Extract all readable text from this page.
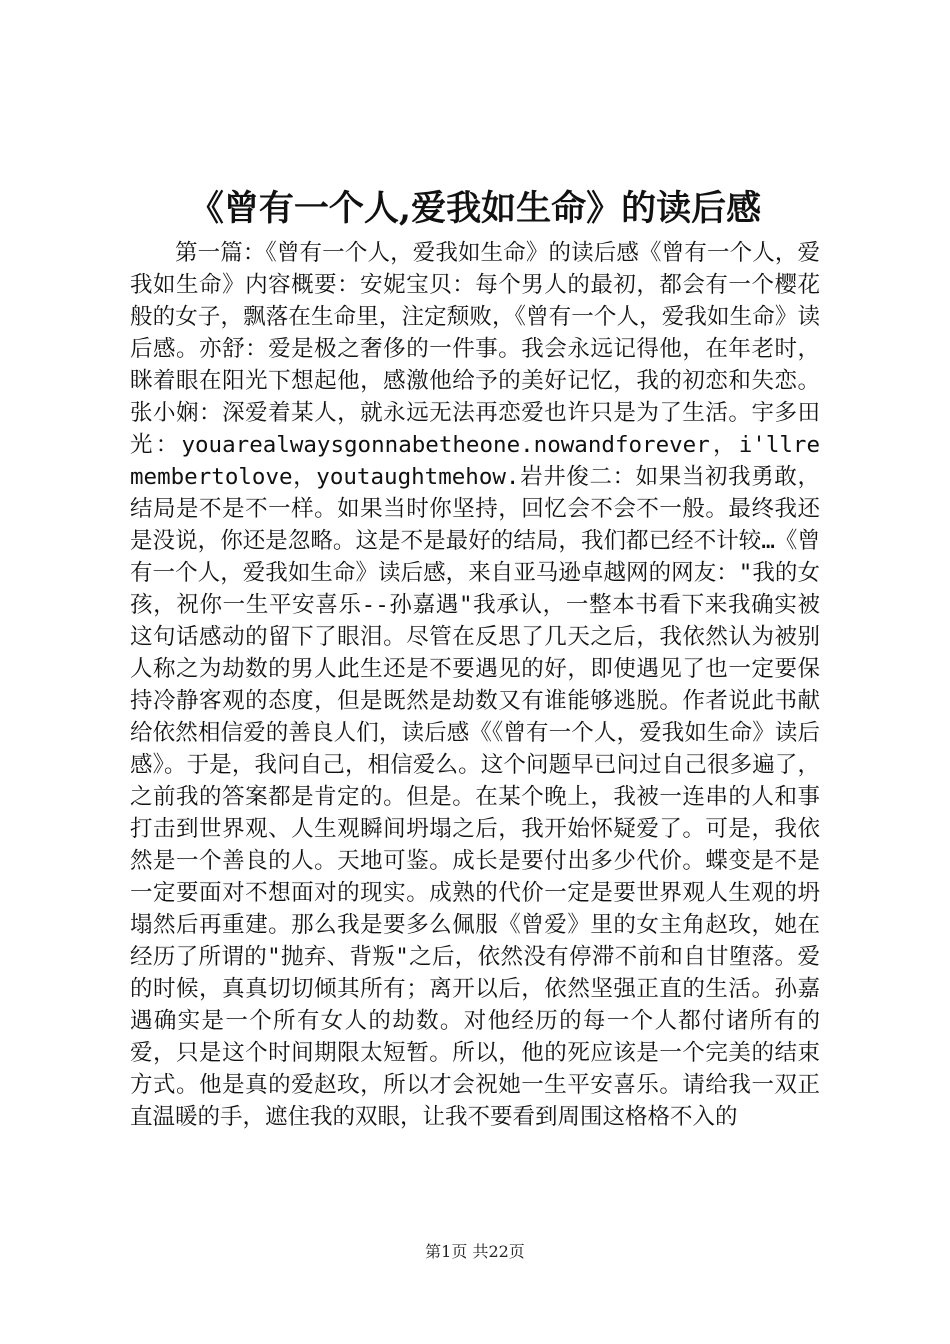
《曾有一个人,爱我如生命》的读后感

第一篇：《曾有一个人，爱我如生命》的读后感《曾有一个人，爱我如生命》内容概要：安妮宝贝：每个男人的最初，都会有一个樱花般的女子，飘落在生命里，注定颓败，《曾有一个人，爱我如生命》读后感。亦舒：爱是极之奢侈的一件事。我会永远记得他，在年老时，眯着眼在阳光下想起他，感激他给予的美好记忆，我的初恋和失恋。张小娴：深爱着某人，就永远无法再恋爱也许只是为了生活。宇多田光：youarealwaysgonnabetheone.nowandforever，i'llremembertolove，youtaughtmehow.岩井俊二：如果当初我勇敢，结局是不是不一样。如果当时你坚持，回忆会不会不一般。最终我还是没说，你还是忽略。这是不是最好的结局，我们都已经不计较…《曾有一个人，爱我如生命》读后感，来自亚马逊卓越网的网友："我的女孩，祝你一生平安喜乐--孙嘉遇"我承认，一整本书看下来我确实被这句话感动的留下了眼泪。尽管在反思了几天之后，我依然认为被别人称之为劫数的男人此生还是不要遇见的好，即使遇见了也一定要保持冷静客观的态度，但是既然是劫数又有谁能够逃脱。作者说此书献给依然相信爱的善良人们，读后感《《曾有一个人，爱我如生命》读后感》。于是，我问自己，相信爱么。这个问题早已问过自己很多遍了，之前我的答案都是肯定的。但是。在某个晚上，我被一连串的人和事打击到世界观、人生观瞬间坍塌之后，我开始怀疑爱了。可是，我依然是一个善良的人。天地可鉴。成长是要付出多少代价。蝶变是不是一定要面对不想面对的现实。成熟的代价一定是要世界观人生观的坍塌然后再重建。那么我是要多么佩服《曾爱》里的女主角赵玫，她在经历了所谓的"抛弃、背叛"之后，依然没有停滞不前和自甘堕落。爱的时候，真真切切倾其所有；离开以后，依然坚强正直的生活。孙嘉遇确实是一个所有女人的劫数。对他经历的每一个人都付诸所有的爱，只是这个时间期限太短暂。所以，他的死应该是一个完美的结束方式。他是真的爱赵玫，所以才会祝她一生平安喜乐。请给我一双正直温暖的手，遮住我的双眼，让我不要看到周围这格格不入的

第1页 共22页
